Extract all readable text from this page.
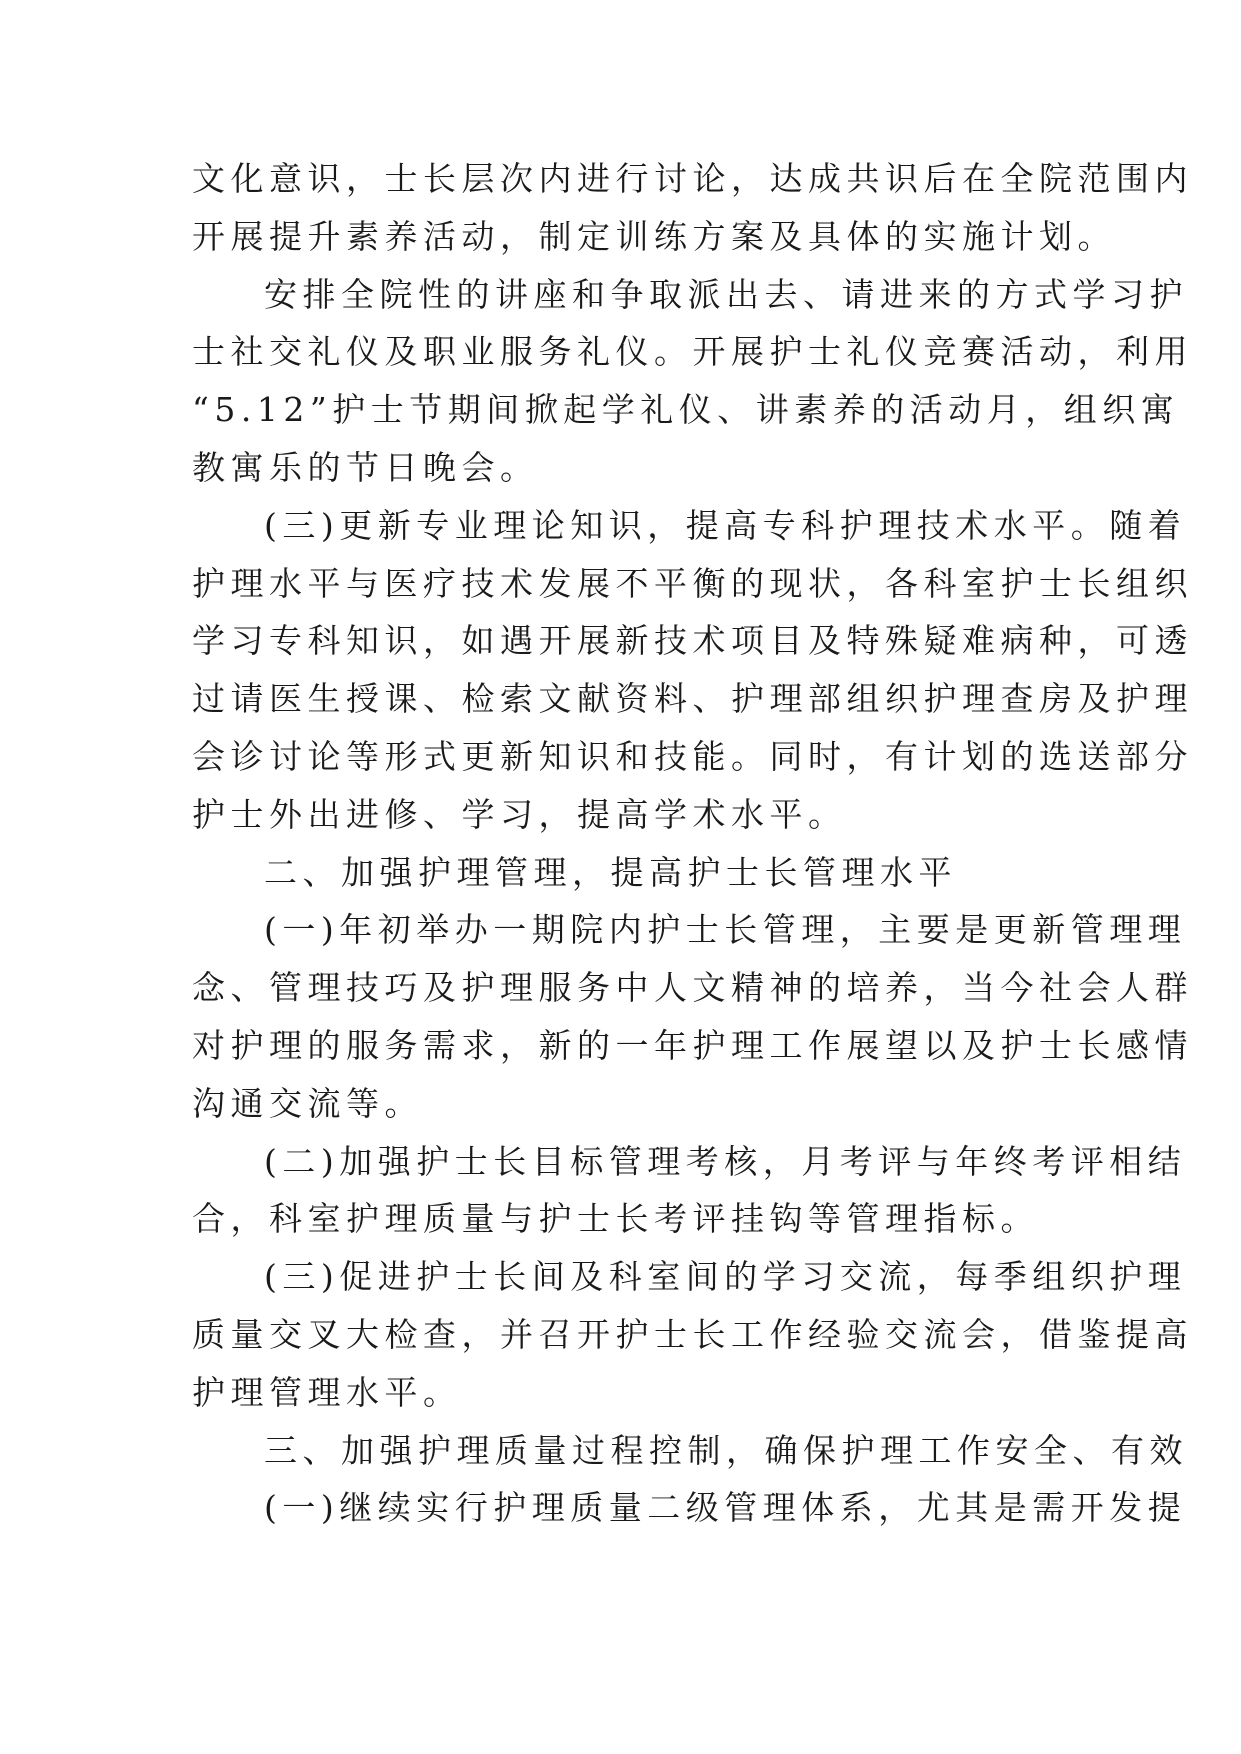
文化意识，士长层次内进行讨论，达成共识后在全院范围内
开展提升素养活动，制定训练方案及具体的实施计划。
安排全院性的讲座和争取派出去、请进来的方式学习护
士社交礼仪及职业服务礼仪。开展护士礼仪竞赛活动，利用
“5.12”护士节期间掀起学礼仪、讲素养的活动月，组织寓
教寓乐的节日晚会。
(三)更新专业理论知识，提高专科护理技术水平。随着
护理水平与医疗技术发展不平衡的现状，各科室护士长组织
学习专科知识，如遇开展新技术项目及特殊疑难病种，可透
过请医生授课、检索文献资料、护理部组织护理查房及护理
会诊讨论等形式更新知识和技能。同时，有计划的选送部分
护士外出进修、学习，提高学术水平。
二、加强护理管理，提高护士长管理水平
(一)年初举办一期院内护士长管理，主要是更新管理理
念、管理技巧及护理服务中人文精神的培养，当今社会人群
对护理的服务需求，新的一年护理工作展望以及护士长感情
沟通交流等。
(二)加强护士长目标管理考核，月考评与年终考评相结
合，科室护理质量与护士长考评挂钩等管理指标。
(三)促进护士长间及科室间的学习交流，每季组织护理
质量交叉大检查，并召开护士长工作经验交流会，借鉴提高
护理管理水平。
三、加强护理质量过程控制，确保护理工作安全、有效
(一)继续实行护理质量二级管理体系，尤其是需开发提
